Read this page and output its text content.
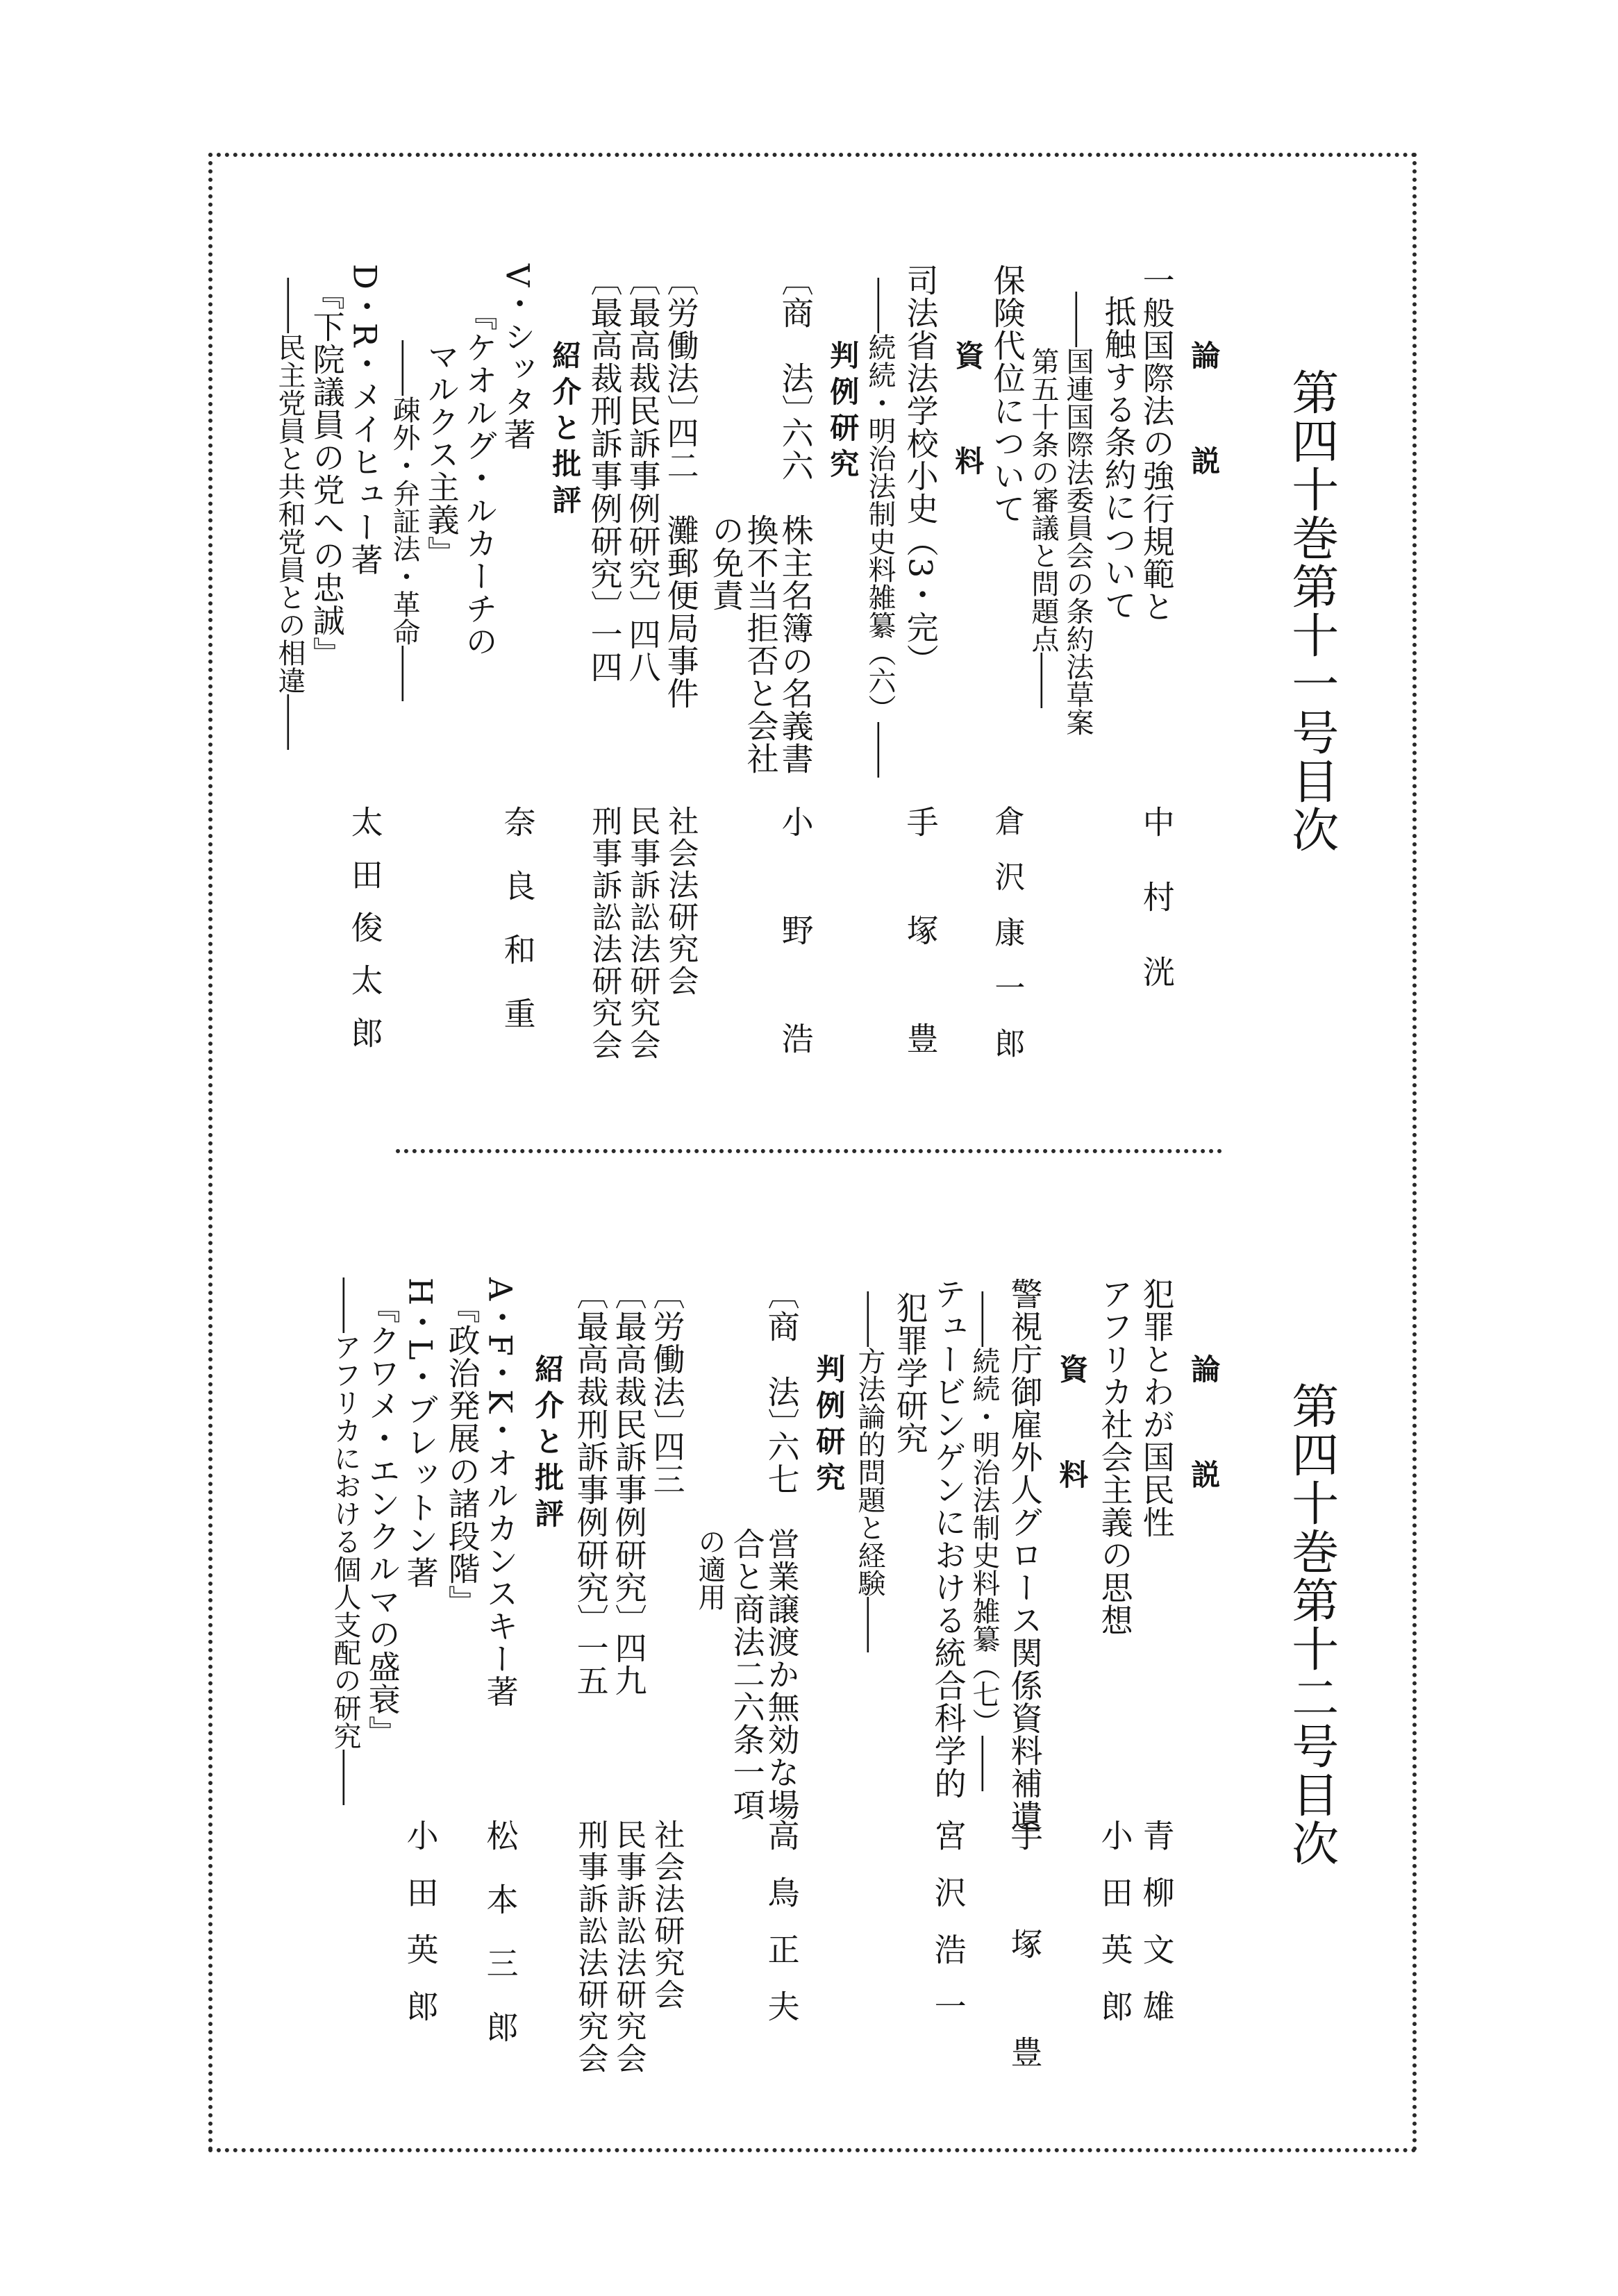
第四十巻第十一号目次
論　説
一般国際法の強行規範と
抵触する条約について
――国連国際法委員会の条約法草案
第五十条の審議と問題点――
中村洸
保険代位について
倉沢康一郎
資　料
司法省法学校小史（3・完）
――続続・明治法制史料雑纂（六）――
手塚豊
判例研究
〔商　法〕
六六
株主名簿の名義書
換不当拒否と会社
の免責
小野浩
〔労働法〕
四二
灘郵便局事件
社会法研究会
〔最高裁民訴事例研究〕
四八
民事訴訟法研究会
〔最高裁刑訴事例研究〕
一四
刑事訴訟法研究会
紹介と批評
V・シッタ著
『ケオルグ・ルカーチの
マルクス主義』
――疎外・弁証法・革命――
奈良和重
D・R・メイヒュー著
『下院議員の党への忠誠』
――民主党員と共和党員との相違――
太田俊太郎
第四十巻第十二号目次
論　説
犯罪とわが国民性
青柳文雄
アフリカ社会主義の思想
小田英郎
資　料
警視庁御雇外人グロース関係資料補遺
――続続・明治法制史料雑纂（七）――
手塚豊
テュービンゲンにおける統合科学的
犯罪学研究
――方法論的問題と経験――
宮沢浩一
判例研究
〔商　法〕
六七
営業譲渡か無効な場
合と商法二六条一項
の適用
高鳥正夫
〔労働法〕
四三
社会法研究会
〔最高裁民訴事例研究〕
四九
民事訴訟法研究会
〔最高裁刑訴事例研究〕
一五
刑事訴訟法研究会
紹介と批評
A・F・K・オルカンスキー著
『政治発展の諸段階』
松本三郎
H・L・ブレットン著
『クワメ・エンクルマの盛衰』
――アフリカにおける個人支配の研究――
小田英郎
